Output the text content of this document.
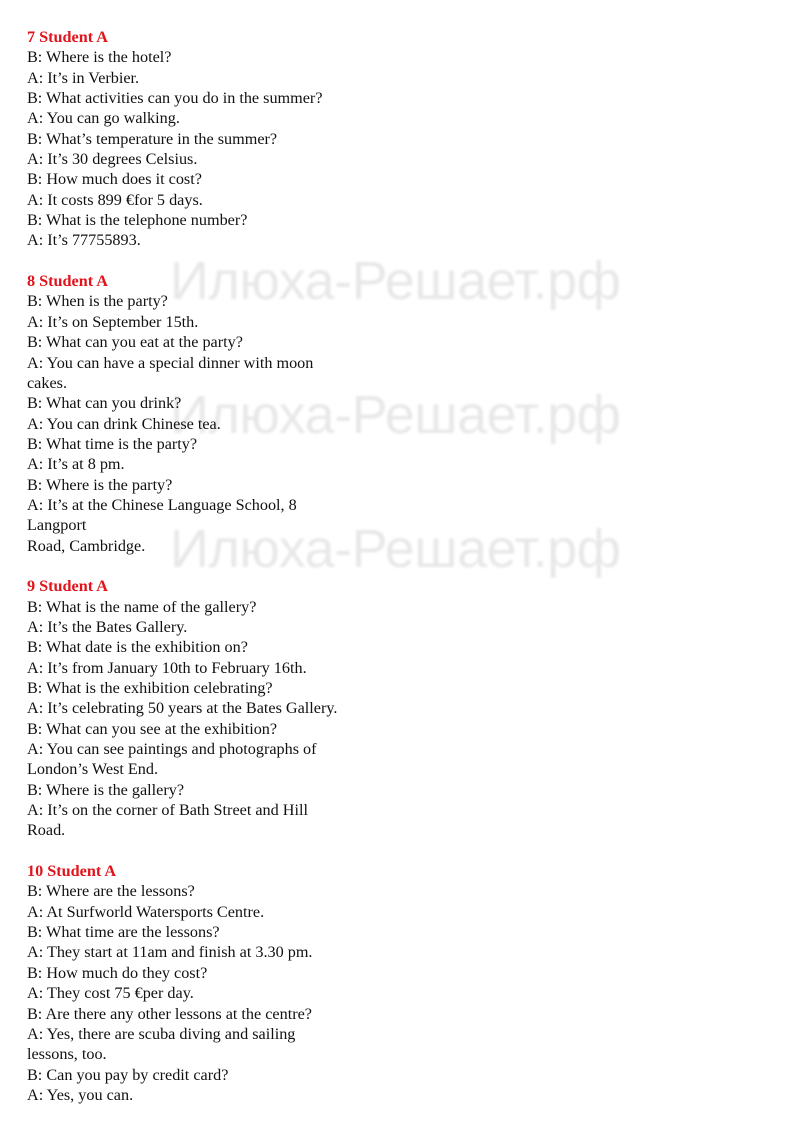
Илюха-Решает.рф
Илюха-Решает.рф
Илюха-Решает.рф
7 Student A
B: Where is the hotel?
A: It’s in Verbier.
B: What activities can you do in the summer?
A: You can go walking.
B: What’s temperature in the summer?
A: It’s 30 degrees Celsius.
B: How much does it cost?
A: It costs 899 €for 5 days.
B: What is the telephone number?
A: It’s 77755893.
8 Student A
B: When is the party?
A: It’s on September 15th.
B: What can you eat at the party?
A: You can have a special dinner with moon
cakes.
B: What can you drink?
A: You can drink Chinese tea.
B: What time is the party?
A: It’s at 8 pm.
B: Where is the party?
A: It’s at the Chinese Language School, 8
Langport
Road, Cambridge.
9 Student A
B: What is the name of the gallery?
A: It’s the Bates Gallery.
B: What date is the exhibition on?
A: It’s from January 10th to February 16th.
B: What is the exhibition celebrating?
A: It’s celebrating 50 years at the Bates Gallery.
B: What can you see at the exhibition?
A: You can see paintings and photographs of
London’s West End.
B: Where is the gallery?
A: It’s on the corner of Bath Street and Hill
Road.
10 Student A
B: Where are the lessons?
A: At Surfworld Watersports Centre.
B: What time are the lessons?
A: They start at 11am and finish at 3.30 pm.
B: How much do they cost?
A: They cost 75 €per day.
B: Are there any other lessons at the centre?
A: Yes, there are scuba diving and sailing
lessons, too.
B: Can you pay by credit card?
A: Yes, you can.
